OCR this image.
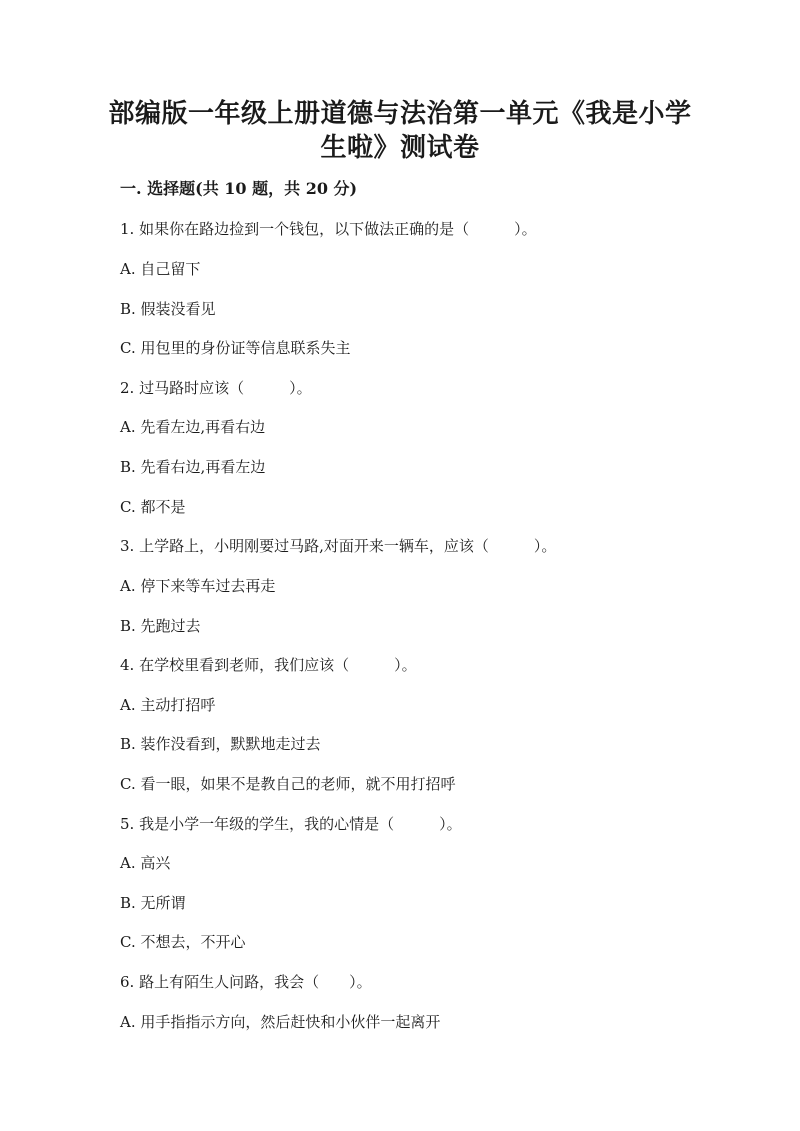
部编版一年级上册道德与法治第一单元《我是小学
生啦》测试卷
一. 选择题(共 10 题，共 20 分)
1. 如果你在路边捡到一个钱包，以下做法正确的是（　　　）。
A. 自己留下
B. 假装没看见
C. 用包里的身份证等信息联系失主
2. 过马路时应该（　　　）。
A. 先看左边,再看右边
B. 先看右边,再看左边
C. 都不是
3. 上学路上，小明刚要过马路,对面开来一辆车，应该（　　　）。
A. 停下来等车过去再走
B. 先跑过去
4. 在学校里看到老师，我们应该（　　　）。
A. 主动打招呼
B. 装作没看到，默默地走过去
C. 看一眼，如果不是教自己的老师，就不用打招呼
5. 我是小学一年级的学生，我的心情是（　　　）。
A. 高兴
B. 无所谓
C. 不想去，不开心
6. 路上有陌生人问路，我会（　　）。
A. 用手指指示方向，然后赶快和小伙伴一起离开
